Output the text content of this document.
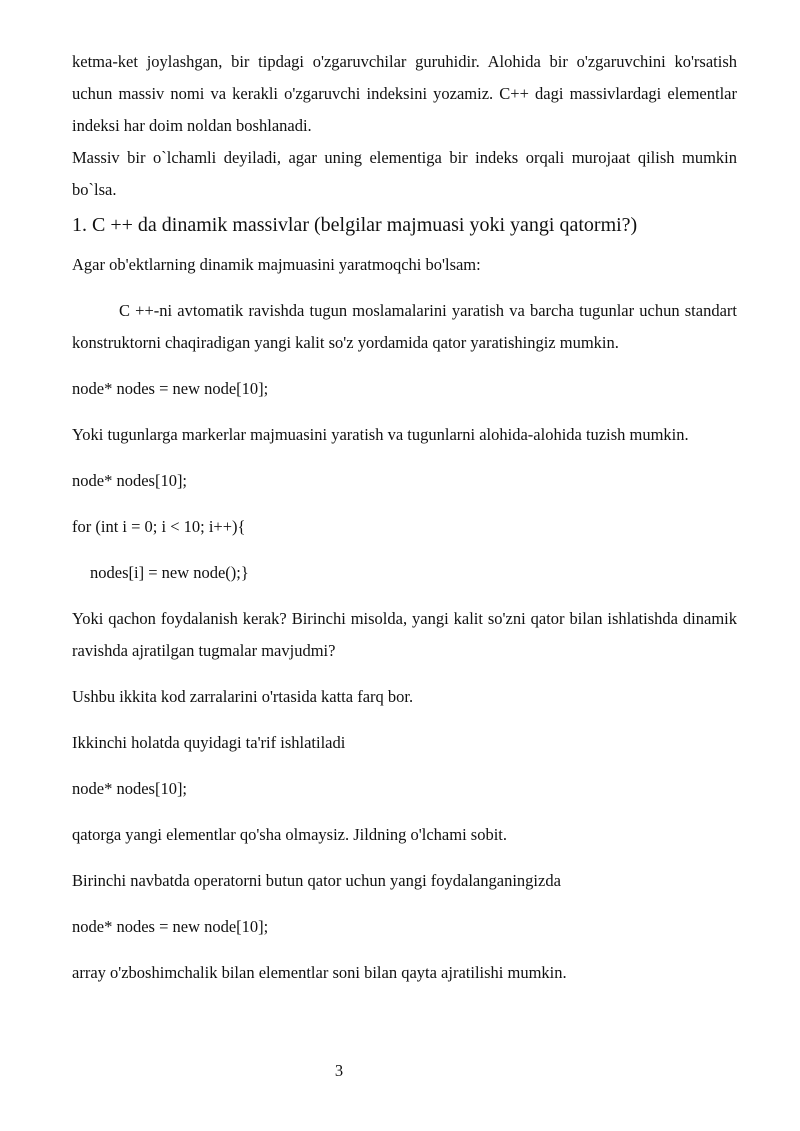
ketma-ket joylashgan, bir tipdagi o'zgaruvchilar guruhidir. Alohida bir o'zgaruvchini ko'rsatish uchun massiv nomi va kerakli o'zgaruvchi indeksini yozamiz. C++ dagi massivlardagi elementlar indeksi har doim noldan boshlanadi.

Massiv bir o`lchamli deyiladi, agar uning elementiga bir indeks orqali murojaat qilish mumkin bo`lsa.

1. C ++ da dinamik massivlar (belgilar majmuasi yoki yangi qatormi?)

Agar ob'ektlarning dinamik majmuasini yaratmoqchi bo'lsam:

C ++-ni avtomatik ravishda tugun moslamalarini yaratish va barcha tugunlar uchun standart konstruktorni chaqiradigan yangi kalit so'z yordamida qator yaratishingiz mumkin.

node* nodes = new node[10];

Yoki tugunlarga markerlar majmuasini yaratish va tugunlarni alohida-alohida tuzish mumkin.

node* nodes[10];

for (int i = 0; i < 10; i++){

nodes[i] = new node();}

Yoki qachon foydalanish kerak? Birinchi misolda, yangi kalit so'zni qator bilan ishlatishda dinamik ravishda ajratilgan tugmalar mavjudmi?

Ushbu ikkita kod zarralarini o'rtasida katta farq bor.

Ikkinchi holatda quyidagi ta'rif ishlatiladi

node* nodes[10];

qatorga yangi elementlar qo'sha olmaysiz. Jildning o'lchami sobit.

Birinchi navbatda operatorni butun qator uchun yangi foydalanganingizda

node* nodes = new node[10];

array o'zboshimchalik bilan elementlar soni bilan qayta ajratilishi mumkin.

3
